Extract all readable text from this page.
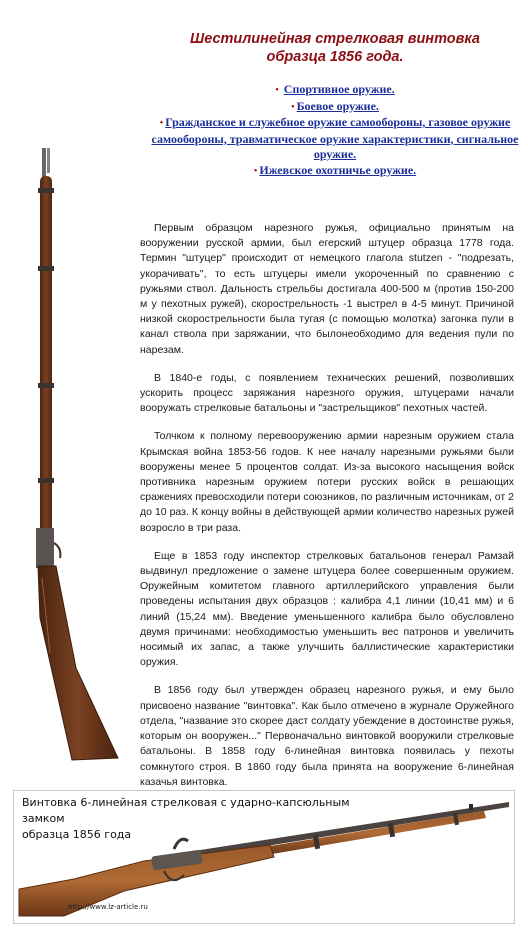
Шестилинейная стрелковая винтовка
образца 1856 года.
• Спортивное оружие.
• Боевое оружие.
• Гражданское и служебное оружие самообороны, газовое оружие самообороны, травматическое оружие характеристики, сигнальное оружие.
• Ижевское охотничье оружие.

Первым образцом нарезного ружья, официально принятым на вооружении русской армии, был егерский штуцер образца 1778 года. Термин "штуцер" происходит от немецкого глагола stutzen - "подрезать, укорачивать", то есть штуцеры имели укороченный по сравнению с ружьями ствол. Дальность стрельбы достигала 400-500 м (против 150-200 м у пехотных ружей), скорострельность -1 выстрел в 4-5 минут. Причиной низкой скорострельности была тугая (с помощью молотка) загонка пули в канал ствола при заряжании, что былонеобходимо для ведения пули по нарезам.

В 1840-е годы, с появлением технических решений, позволивших ускорить процесс заряжания нарезного оружия, штуцерами начали вооружать стрелковые батальоны и "застрельщиков" пехотных частей.

Толчком к полному перевооружению армии нарезным оружием стала Крымская война 1853-56 годов. К нее началу нарезными ружьями были вооружены менее 5 процентов солдат. Из-за высокого насыщения войск противника нарезным оружием потери русских войск в решающих сражениях превосходили потери союзников, по различным источникам, от 2 до 10 раз. К концу войны в действующей армии количество нарезных ружей возросло в три раза.

Еще в 1853 году инспектор стрелковых батальонов генерал Рамзай выдвинул предложение о замене штуцера более совершенным оружием. Оружейным комитетом главного артиллерийского управления были проведены испытания двух образцов : калибра 4,1 линии (10,41 мм) и 6 линий (15,24 мм). Введение уменьшенного калибра было обусловлено двумя причинами: необходимостью уменьшить вес патронов и увеличить носимый их запас, а также улучшить баллистические характеристики оружия.

В 1856 году был утвержден образец нарезного ружья, и ему было присвоено название "винтовка". Как было отмечено в журнале Оружейного отдела, "название это скорее даст солдату убеждение в достоинстве ружья, которым он вооружен..." Первоначально винтовкой вооружили стрелковые батальоны. В 1858 году 6-линейная винтовка появилась у пехоты сомкнутого строя. В 1860 году была принята на вооружение 6-линейная казачья винтовка.

Винтовка 6-линейная стрелковая с ударно-капсюльным замком
образца 1856 года
http://www.lz-article.ru
